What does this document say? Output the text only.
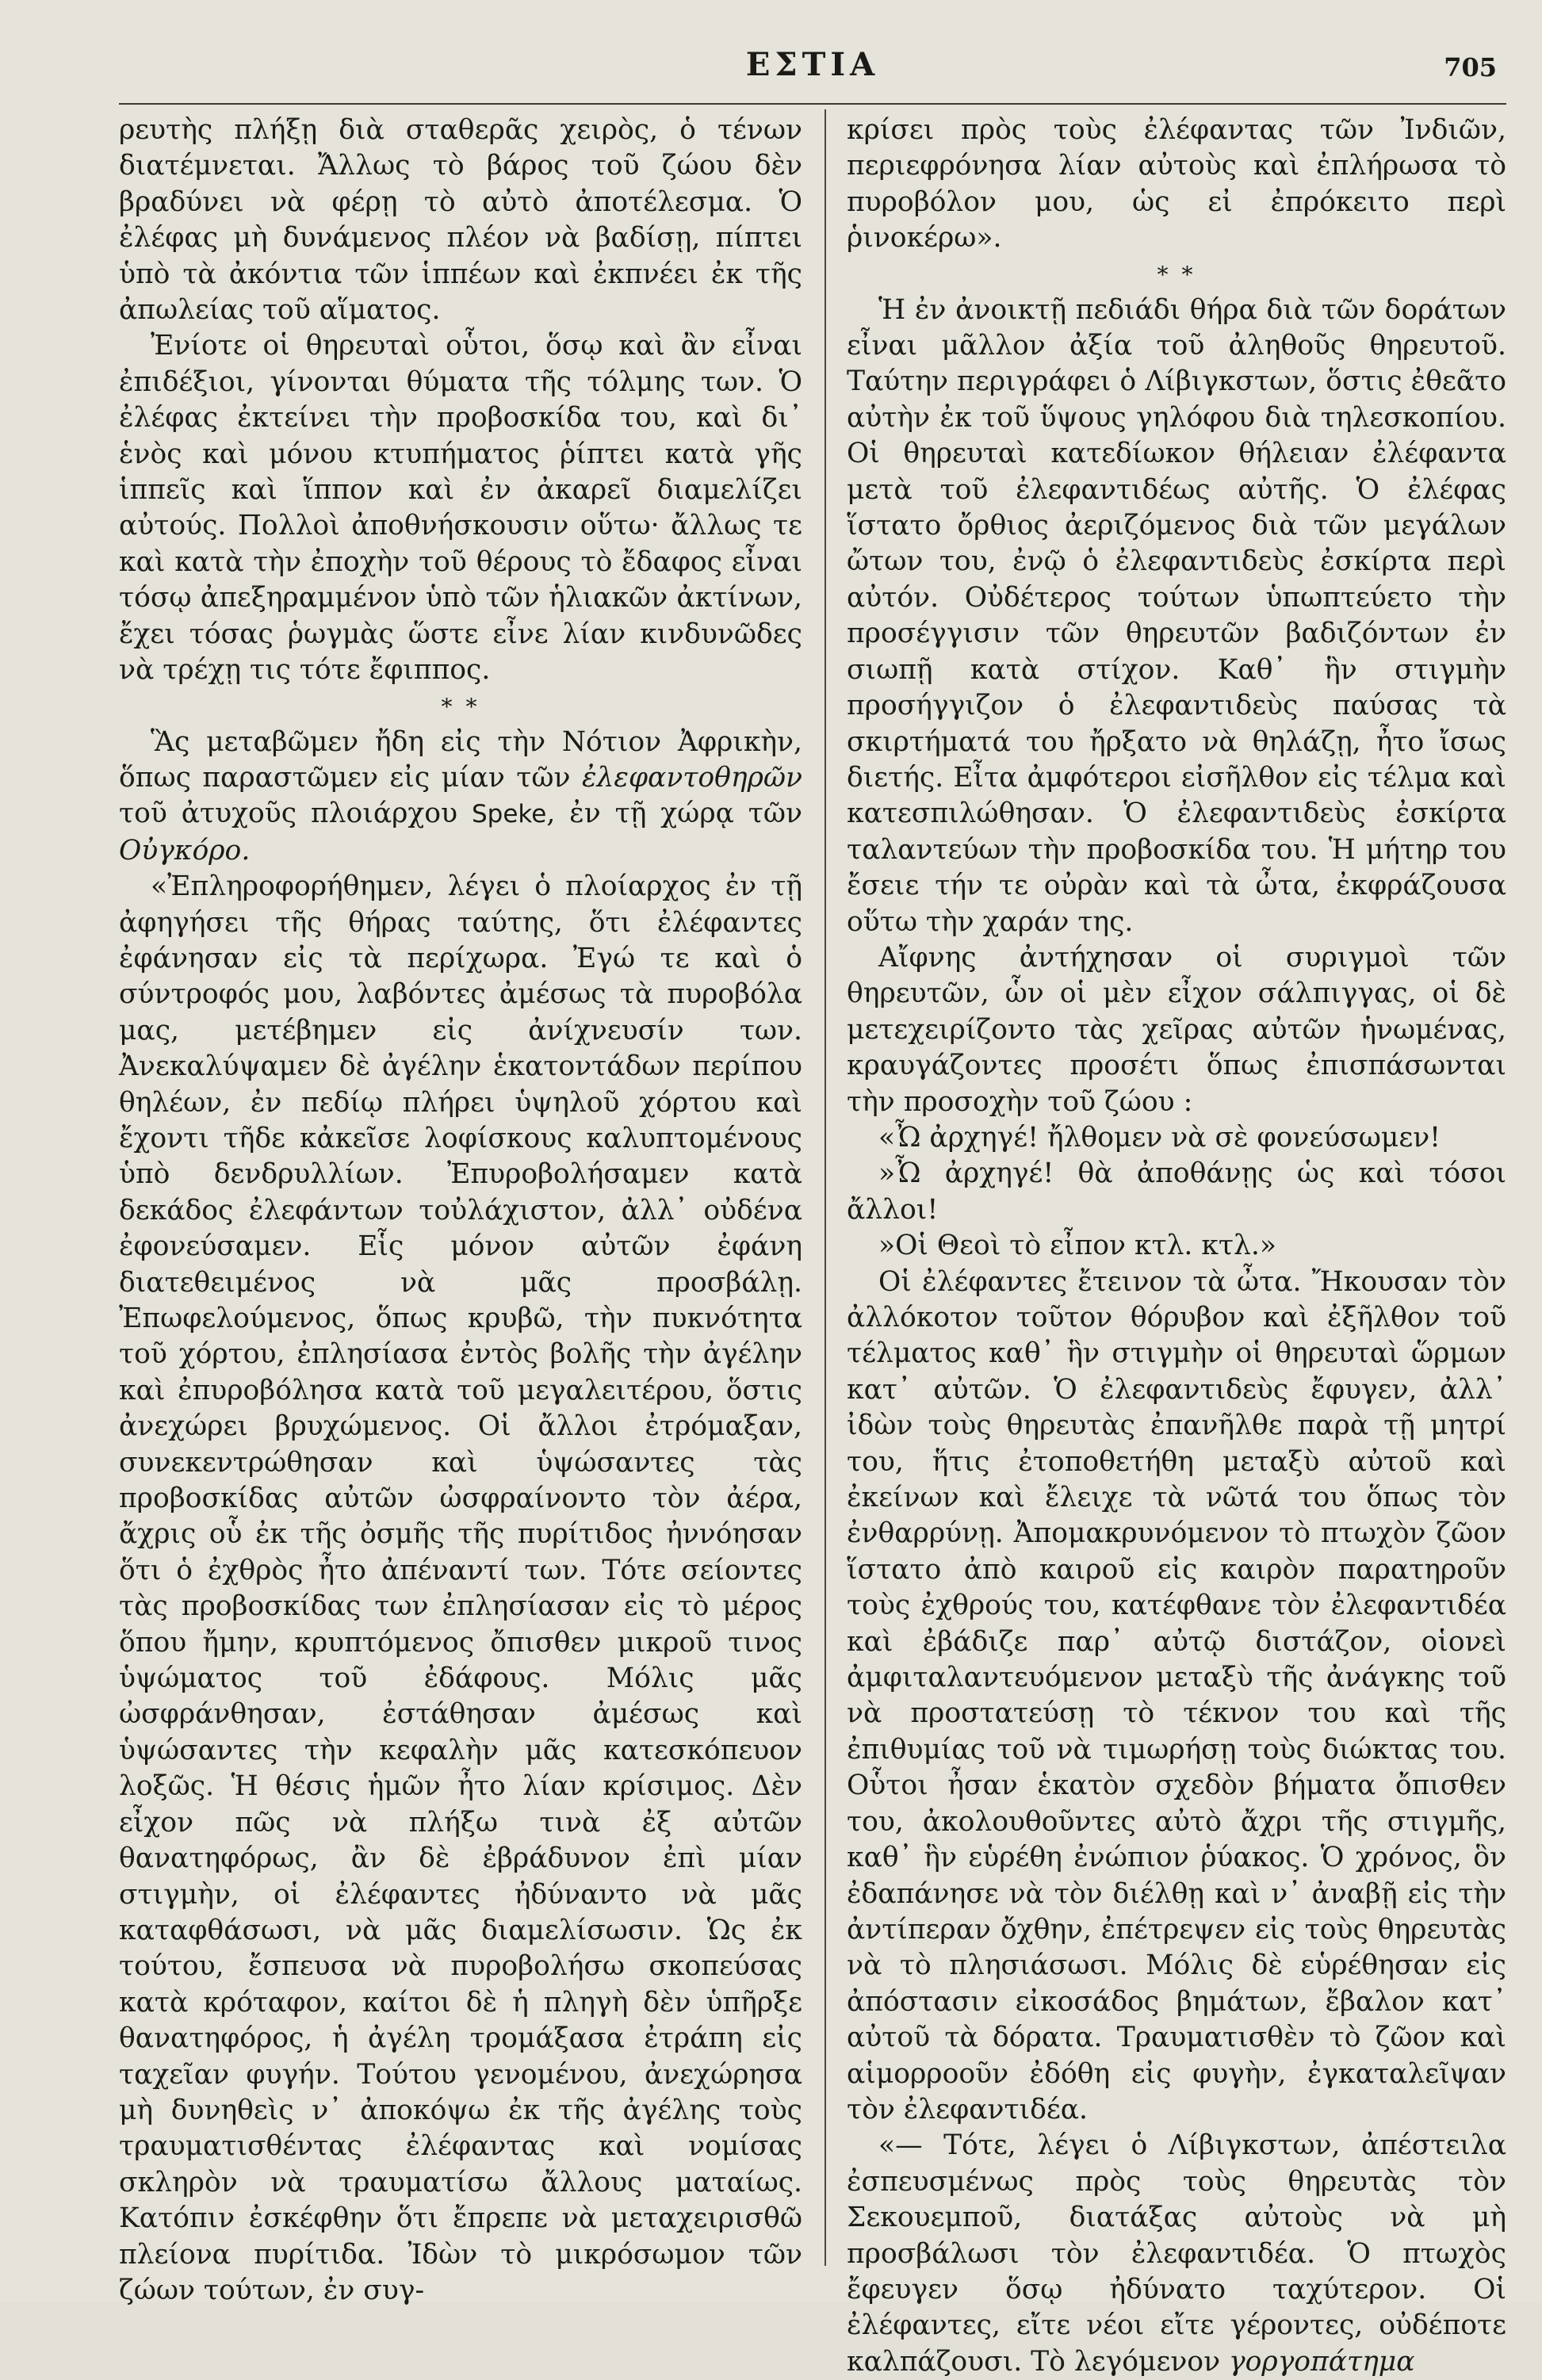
ΕΣΤΙΑ	705

ρευτὴς πλήξῃ διὰ σταθερᾶς χειρὸς, ὁ τένων διατέμνεται. Ἄλλως τὸ βάρος τοῦ ζώου δὲν βραδύνει νὰ φέρῃ τὸ αὐτὸ ἀποτέλεσμα. Ὁ ἐλέφας μὴ δυνάμενος πλέον νὰ βαδίσῃ, πίπτει ὑπὸ τὰ ἀκόντια τῶν ἱππέων καὶ ἐκπνέει ἐκ τῆς ἀπωλείας τοῦ αἵματος.

Ἐνίοτε οἱ θηρευταὶ οὗτοι, ὅσῳ καὶ ἂν εἶναι ἐπιδέξιοι, γίνονται θύματα τῆς τόλμης των. Ὁ ἐλέφας ἐκτείνει τὴν προβοσκίδα του, καὶ δι᾽ ἑνὸς καὶ μόνου κτυπήματος ῥίπτει κατὰ γῆς ἱππεῖς καὶ ἵππον καὶ ἐν ἀκαρεῖ διαμελίζει αὐτούς. Πολλοὶ ἀποθνήσκουσιν οὕτω· ἄλλως τε καὶ κατὰ τὴν ἐποχὴν τοῦ θέρους τὸ ἔδαφος εἶναι τόσῳ ἀπεξηραμμένον ὑπὸ τῶν ἡλιακῶν ἀκτίνων, ἔχει τόσας ῥωγμὰς ὥστε εἶνε λίαν κινδυνῶδες νὰ τρέχῃ τις τότε ἔφιππος.

* *

Ἃς μεταβῶμεν ἤδη εἰς τὴν Νότιον Ἀφρικὴν, ὅπως παραστῶμεν εἰς μίαν τῶν ἐλεφαντοθηρῶν τοῦ ἀτυχοῦς πλοιάρχου Speke, ἐν τῇ χώρᾳ τῶν Οὐγκόρο.

«Ἐπληροφορήθημεν, λέγει ὁ πλοίαρχος ἐν τῇ ἀφηγήσει τῆς θήρας ταύτης, ὅτι ἐλέφαντες ἐφάνησαν εἰς τὰ περίχωρα. Ἐγώ τε καὶ ὁ σύντροφός μου, λαβόντες ἀμέσως τὰ πυροβόλα μας, μετέβημεν εἰς ἀνίχνευσίν των. Ἀνεκαλύψαμεν δὲ ἀγέλην ἑκατοντάδων περίπου θηλέων, ἐν πεδίῳ πλήρει ὑψηλοῦ χόρτου καὶ ἔχοντι τῆδε κἀκεῖσε λοφίσκους καλυπτομένους ὑπὸ δενδρυλλίων. Ἐπυροβολήσαμεν κατὰ δεκάδος ἐλεφάντων τοὐλάχιστον, ἀλλ᾽ οὐδένα ἐφονεύσαμεν. Εἷς μόνον αὐτῶν ἐφάνη διατεθειμένος νὰ μᾶς προσβάλῃ. Ἐπωφελούμενος, ὅπως κρυβῶ, τὴν πυκνότητα τοῦ χόρτου, ἐπλησίασα ἐντὸς βολῆς τὴν ἀγέλην καὶ ἐπυροβόλησα κατὰ τοῦ μεγαλειτέρου, ὅστις ἀνεχώρει βρυχώμενος. Οἱ ἄλλοι ἐτρόμαξαν, συνεκεντρώθησαν καὶ ὑψώσαντες τὰς προβοσκίδας αὐτῶν ὠσφραίνοντο τὸν ἀέρα, ἄχρις οὗ ἐκ τῆς ὀσμῆς τῆς πυρίτιδος ἠννόησαν ὅτι ὁ ἐχθρὸς ἦτο ἀπέναντί των. Τότε σείοντες τὰς προβοσκίδας των ἐπλησίασαν εἰς τὸ μέρος ὅπου ἤμην, κρυπτόμενος ὄπισθεν μικροῦ τινος ὑψώματος τοῦ ἐδάφους. Μόλις μᾶς ὠσφράνθησαν, ἐστάθησαν ἀμέσως καὶ ὑψώσαντες τὴν κεφαλὴν μᾶς κατεσκόπευον λοξῶς. Ἡ θέσις ἡμῶν ἦτο λίαν κρίσιμος. Δὲν εἶχον πῶς νὰ πλήξω τινὰ ἐξ αὐτῶν θανατηφόρως, ἂν δὲ ἐβράδυνον ἐπὶ μίαν στιγμὴν, οἱ ἐλέφαντες ἠδύναντο νὰ μᾶς καταφθάσωσι, νὰ μᾶς διαμελίσωσιν. Ὡς ἐκ τούτου, ἔσπευσα νὰ πυροβολήσω σκοπεύσας κατὰ κρόταφον, καίτοι δὲ ἡ πληγὴ δὲν ὑπῆρξε θανατηφόρος, ἡ ἀγέλη τρομάξασα ἐτράπη εἰς ταχεῖαν φυγήν. Τούτου γενομένου, ἀνεχώρησα μὴ δυνηθεὶς ν᾽ ἀποκόψω ἐκ τῆς ἀγέλης τοὺς τραυματισθέντας ἐλέφαντας καὶ νομίσας σκληρὸν νὰ τραυματίσω ἄλλους ματαίως. Κατόπιν ἐσκέφθην ὅτι ἔπρεπε νὰ μεταχειρισθῶ πλείονα πυρίτιδα. Ἰδὼν τὸ μικρόσωμον τῶν ζώων τούτων, ἐν συγ-

κρίσει πρὸς τοὺς ἐλέφαντας τῶν Ἰνδιῶν, περιεφρόνησα λίαν αὐτοὺς καὶ ἐπλήρωσα τὸ πυροβόλον μου, ὡς εἰ ἐπρόκειτο περὶ ῥινοκέρω».

* *

Ἡ ἐν ἀνοικτῇ πεδιάδι θήρα διὰ τῶν δοράτων εἶναι μᾶλλον ἀξία τοῦ ἀληθοῦς θηρευτοῦ. Ταύτην περιγράφει ὁ Λίβιγκστων, ὅστις ἐθεᾶτο αὐτὴν ἐκ τοῦ ὕψους γηλόφου διὰ τηλεσκοπίου. Οἱ θηρευταὶ κατεδίωκον θήλειαν ἐλέφαντα μετὰ τοῦ ἐλεφαντιδέως αὐτῆς. Ὁ ἐλέφας ἵστατο ὄρθιος ἀεριζόμενος διὰ τῶν μεγάλων ὤτων του, ἐνῷ ὁ ἐλεφαντιδεὺς ἐσκίρτα περὶ αὐτόν. Οὐδέτερος τούτων ὑπωπτεύετο τὴν προσέγγισιν τῶν θηρευτῶν βαδιζόντων ἐν σιωπῇ κατὰ στίχον. Καθ᾽ ἣν στιγμὴν προσήγγιζον ὁ ἐλεφαντιδεὺς παύσας τὰ σκιρτήματά του ἤρξατο νὰ θηλάζῃ, ἦτο ἴσως διετής. Εἶτα ἀμφότεροι εἰσῆλθον εἰς τέλμα καὶ κατεσπιλώθησαν. Ὁ ἐλεφαντιδεὺς ἐσκίρτα ταλαντεύων τὴν προβοσκίδα του. Ἡ μήτηρ του ἔσειε τήν τε οὐρὰν καὶ τὰ ὦτα, ἐκφράζουσα οὕτω τὴν χαράν της.

Αἴφνης ἀντήχησαν οἱ συριγμοὶ τῶν θηρευτῶν, ὧν οἱ μὲν εἶχον σάλπιγγας, οἱ δὲ μετεχειρίζοντο τὰς χεῖρας αὐτῶν ἡνωμένας, κραυγάζοντες προσέτι ὅπως ἐπισπάσωνται τὴν προσοχὴν τοῦ ζώου :

«Ὦ ἀρχηγέ! ἤλθομεν νὰ σὲ φονεύσωμεν!

»Ὦ ἀρχηγέ! θὰ ἀποθάνῃς ὡς καὶ τόσοι ἄλλοι!

»Οἱ Θεοὶ τὸ εἶπον κτλ. κτλ.»

Οἱ ἐλέφαντες ἔτεινον τὰ ὦτα. Ἤκουσαν τὸν ἀλλόκοτον τοῦτον θόρυβον καὶ ἐξῆλθον τοῦ τέλματος καθ᾽ ἣν στιγμὴν οἱ θηρευταὶ ὥρμων κατ᾽ αὐτῶν. Ὁ ἐλεφαντιδεὺς ἔφυγεν, ἀλλ᾽ ἰδὼν τοὺς θηρευτὰς ἐπανῆλθε παρὰ τῇ μητρί του, ἥτις ἐτοποθετήθη μεταξὺ αὐτοῦ καὶ ἐκείνων καὶ ἔλειχε τὰ νῶτά του ὅπως τὸν ἐνθαρρύνῃ. Ἀπομακρυνόμενον τὸ πτωχὸν ζῶον ἵστατο ἀπὸ καιροῦ εἰς καιρὸν παρατηροῦν τοὺς ἐχθρούς του, κατέφθανε τὸν ἐλεφαντιδέα καὶ ἐβάδιζε παρ᾽ αὐτῷ διστάζον, οἱονεὶ ἀμφιταλαντευόμενον μεταξὺ τῆς ἀνάγκης τοῦ νὰ προστατεύσῃ τὸ τέκνον του καὶ τῆς ἐπιθυμίας τοῦ νὰ τιμωρήσῃ τοὺς διώκτας του. Οὗτοι ἦσαν ἑκατὸν σχεδὸν βήματα ὄπισθεν του, ἀκολουθοῦντες αὐτὸ ἄχρι τῆς στιγμῆς, καθ᾽ ἣν εὑρέθη ἐνώπιον ῥύακος. Ὁ χρόνος, ὃν ἐδαπάνησε νὰ τὸν διέλθῃ καὶ ν᾽ ἀναβῇ εἰς τὴν ἀντίπεραν ὄχθην, ἐπέτρεψεν εἰς τοὺς θηρευτὰς νὰ τὸ πλησιάσωσι. Μόλις δὲ εὑρέθησαν εἰς ἀπόστασιν εἰκοσάδος βημάτων, ἔβαλον κατ᾽ αὐτοῦ τὰ δόρατα. Τραυματισθὲν τὸ ζῶον καὶ αἱμορροοῦν ἐδόθη εἰς φυγὴν, ἐγκαταλεῖψαν τὸν ἐλεφαντιδέα.

«— Τότε, λέγει ὁ Λίβιγκστων, ἀπέστειλα ἐσπευσμένως πρὸς τοὺς θηρευτὰς τὸν Σεκουεμποῦ, διατάξας αὐτοὺς νὰ μὴ προσβάλωσι τὸν ἐλεφαντιδέα. Ὁ πτωχὸς ἔφευγεν ὅσῳ ἠδύνατο ταχύτερον. Οἱ ἐλέφαντες, εἴτε νέοι εἴτε γέροντες, οὐδέποτε καλπάζουσι. Τὸ λεγόμενον γοργοπάτημα
